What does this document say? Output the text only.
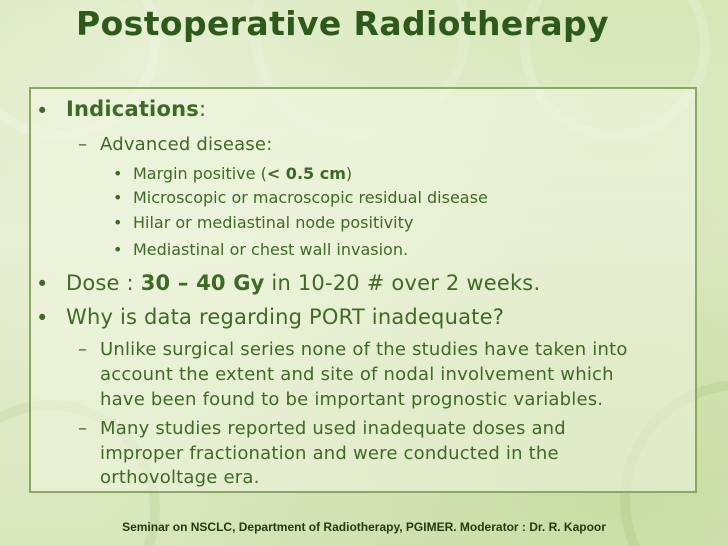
Postoperative Radiotherapy
• Indications:
– Advanced disease:
• Margin positive (< 0.5 cm)
• Microscopic or macroscopic residual disease
• Hilar or mediastinal node positivity
• Mediastinal or chest wall invasion.
• Dose : 30 – 40 Gy in 10-20 # over 2 weeks.
• Why is data regarding PORT inadequate?
– Unlike surgical series none of the studies have taken into
account the extent and site of nodal involvement which
have been found to be important prognostic variables.
– Many studies reported used inadequate doses and
improper fractionation and were conducted in the
orthovoltage era.
Seminar on NSCLC, Department of Radiotherapy, PGIMER. Moderator : Dr. R. Kapoor
